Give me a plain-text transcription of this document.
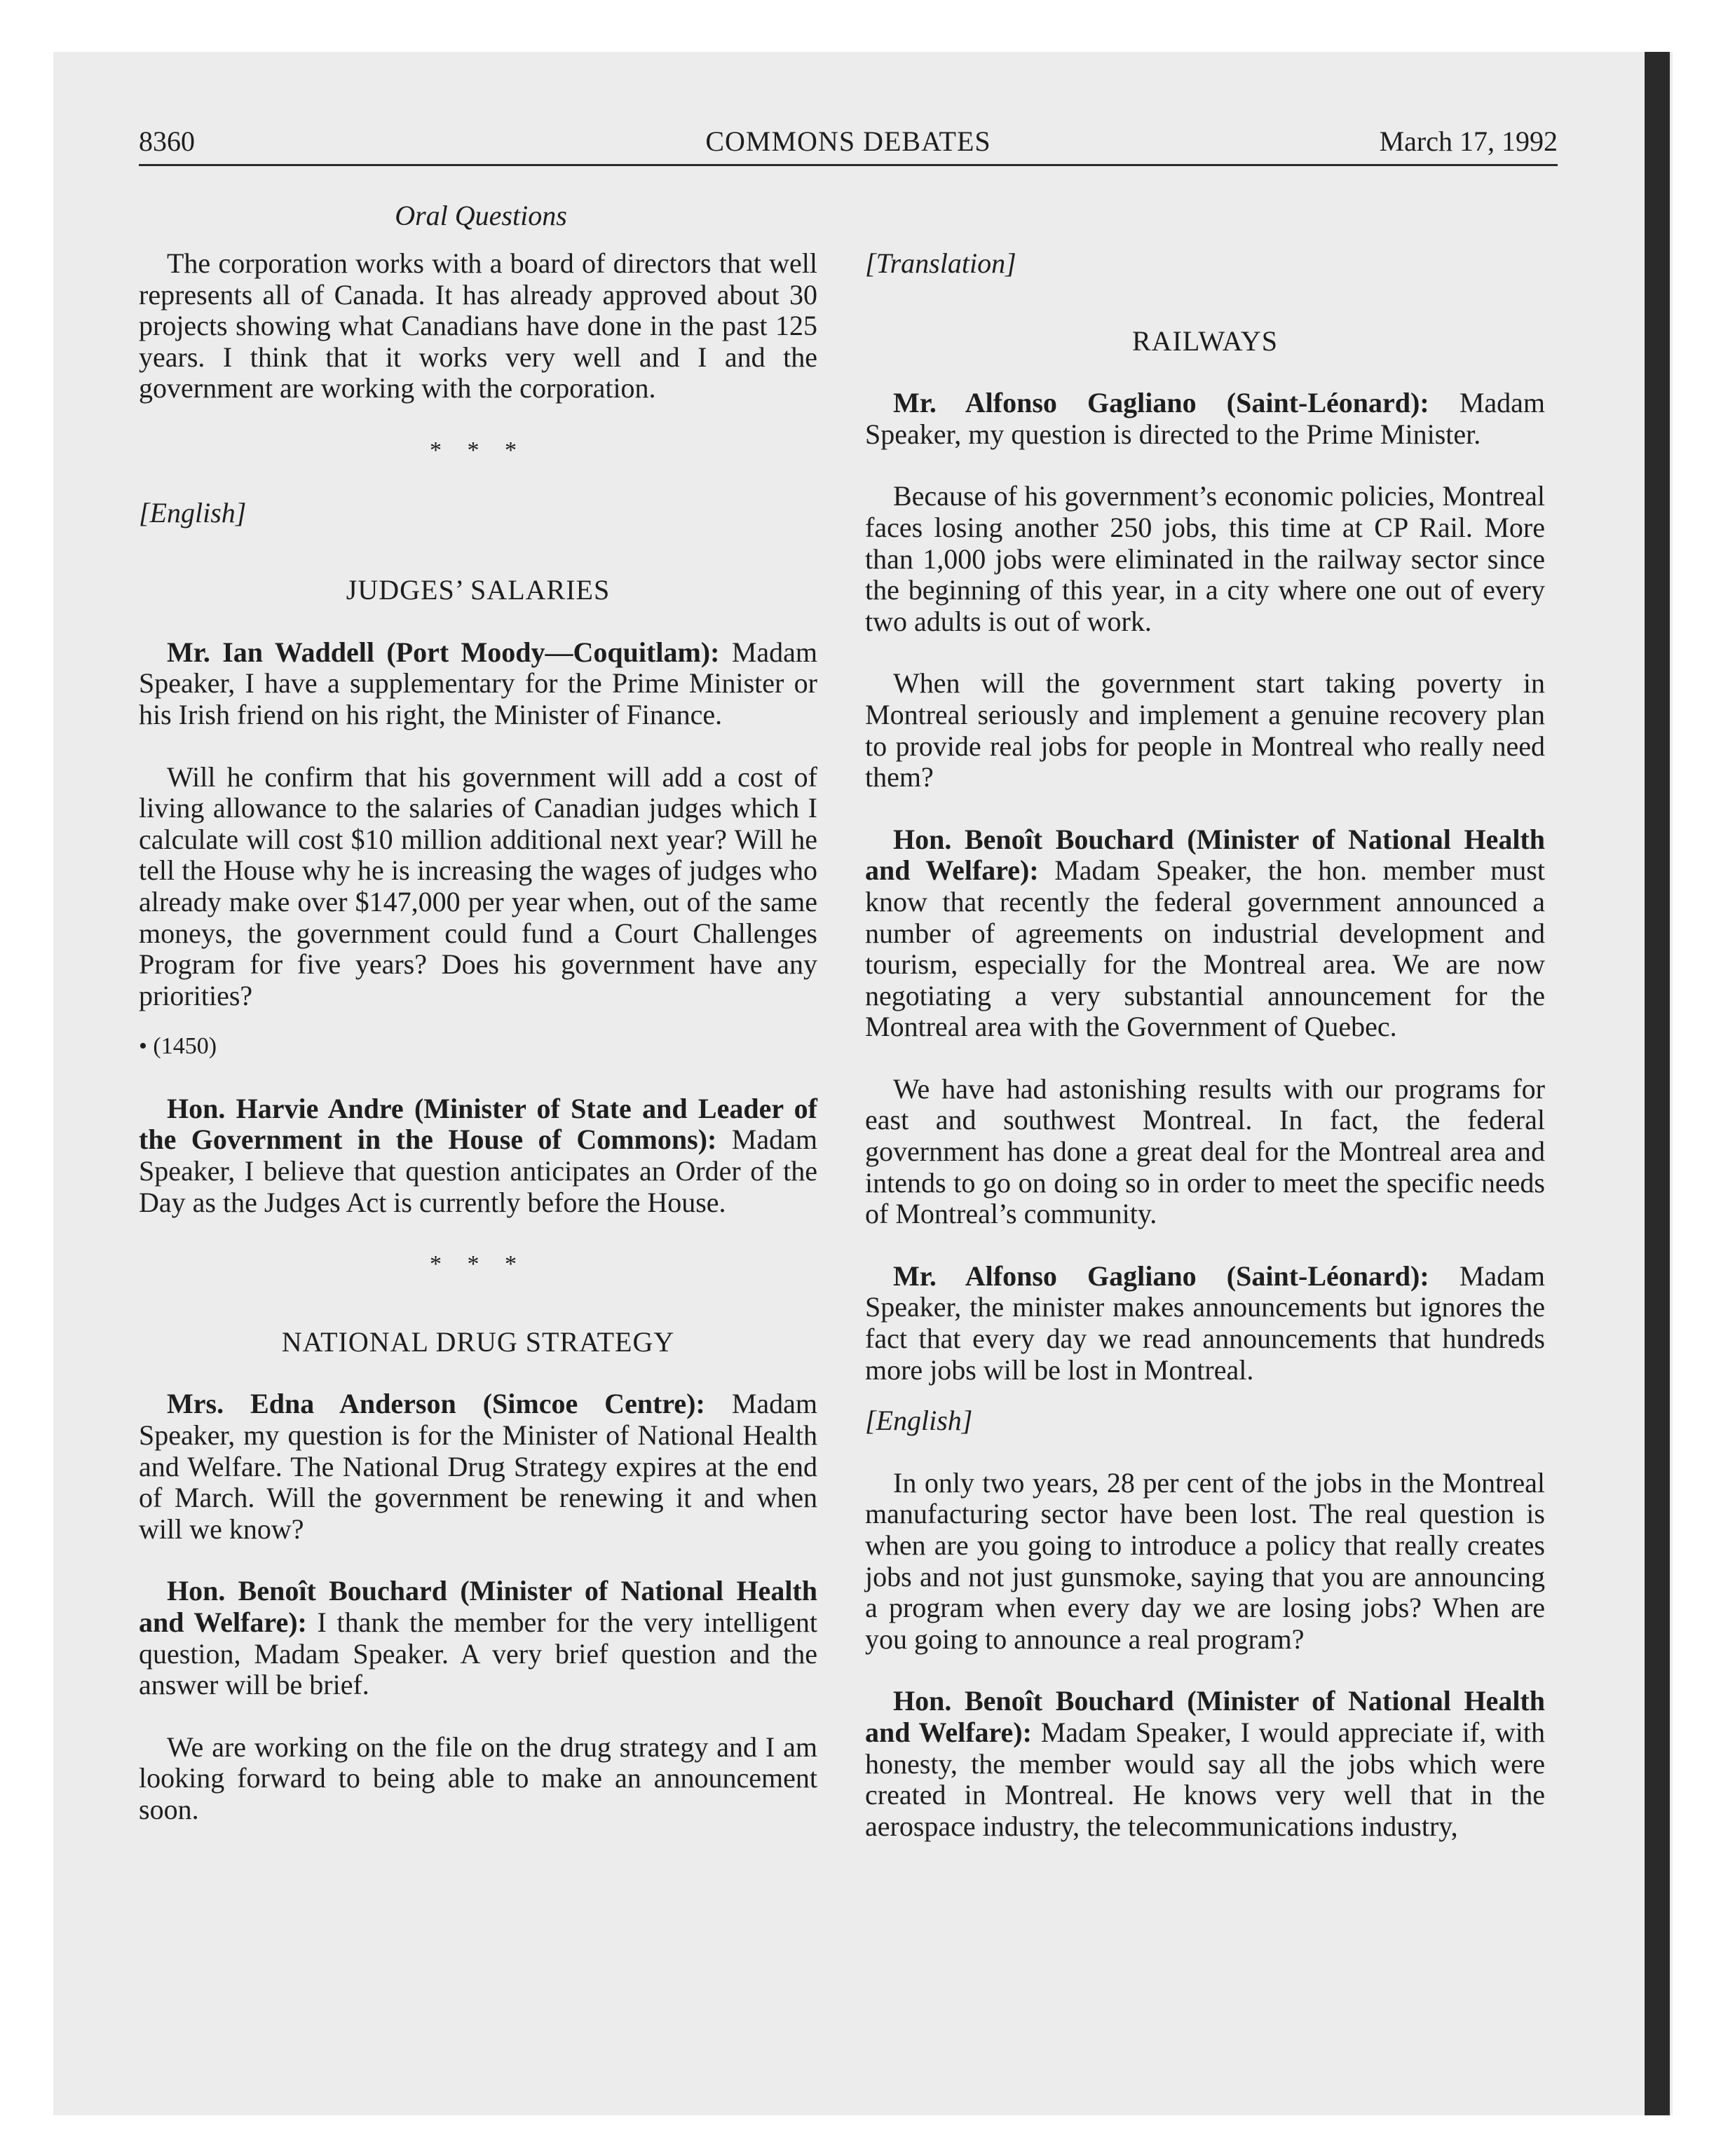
8360	COMMONS DEBATES	March 17, 1992
Oral Questions

The corporation works with a board of directors that well represents all of Canada. It has already approved about 30 projects showing what Canadians have done in the past 125 years. I think that it works very well and I and the government are working with the corporation.

* * *

[English]

JUDGES’ SALARIES

Mr. Ian Waddell (Port Moody—Coquitlam): Madam Speaker, I have a supplementary for the Prime Minister or his Irish friend on his right, the Minister of Finance.

Will he confirm that his government will add a cost of living allowance to the salaries of Canadian judges which I calculate will cost $10 million additional next year? Will he tell the House why he is increasing the wages of judges who already make over $147,000 per year when, out of the same moneys, the government could fund a Court Challenges Program for five years? Does his government have any priorities?

• (1450)

Hon. Harvie Andre (Minister of State and Leader of the Government in the House of Commons): Madam Speaker, I believe that question anticipates an Order of the Day as the Judges Act is currently before the House.

* * *
NATIONAL DRUG STRATEGY

Mrs. Edna Anderson (Simcoe Centre): Madam Speaker, my question is for the Minister of National Health and Welfare. The National Drug Strategy expires at the end of March. Will the government be renewing it and when will we know?

Hon. Benoît Bouchard (Minister of National Health and Welfare): I thank the member for the very intelligent question, Madam Speaker. A very brief question and the answer will be brief.

We are working on the file on the drug strategy and I am looking forward to being able to make an announcement soon.

[Translation]

RAILWAYS

Mr. Alfonso Gagliano (Saint-Léonard): Madam Speaker, my question is directed to the Prime Minister.

Because of his government’s economic policies, Montreal faces losing another 250 jobs, this time at CP Rail. More than 1,000 jobs were eliminated in the railway sector since the beginning of this year, in a city where one out of every two adults is out of work.

When will the government start taking poverty in Montreal seriously and implement a genuine recovery plan to provide real jobs for people in Montreal who really need them?

Hon. Benoît Bouchard (Minister of National Health and Welfare): Madam Speaker, the hon. member must know that recently the federal government announced a number of agreements on industrial development and tourism, especially for the Montreal area. We are now negotiating a very substantial announcement for the Montreal area with the Government of Quebec.

We have had astonishing results with our programs for east and southwest Montreal. In fact, the federal government has done a great deal for the Montreal area and intends to go on doing so in order to meet the specific needs of Montreal’s community.

Mr. Alfonso Gagliano (Saint-Léonard): Madam Speaker, the minister makes announcements but ignores the fact that every day we read announcements that hundreds more jobs will be lost in Montreal.

[English]

In only two years, 28 per cent of the jobs in the Montreal manufacturing sector have been lost. The real question is when are you going to introduce a policy that really creates jobs and not just gunsmoke, saying that you are announcing a program when every day we are losing jobs? When are you going to announce a real program?

Hon. Benoît Bouchard (Minister of National Health and Welfare): Madam Speaker, I would appreciate if, with honesty, the member would say all the jobs which were created in Montreal. He knows very well that in the aerospace industry, the telecommunications industry,
